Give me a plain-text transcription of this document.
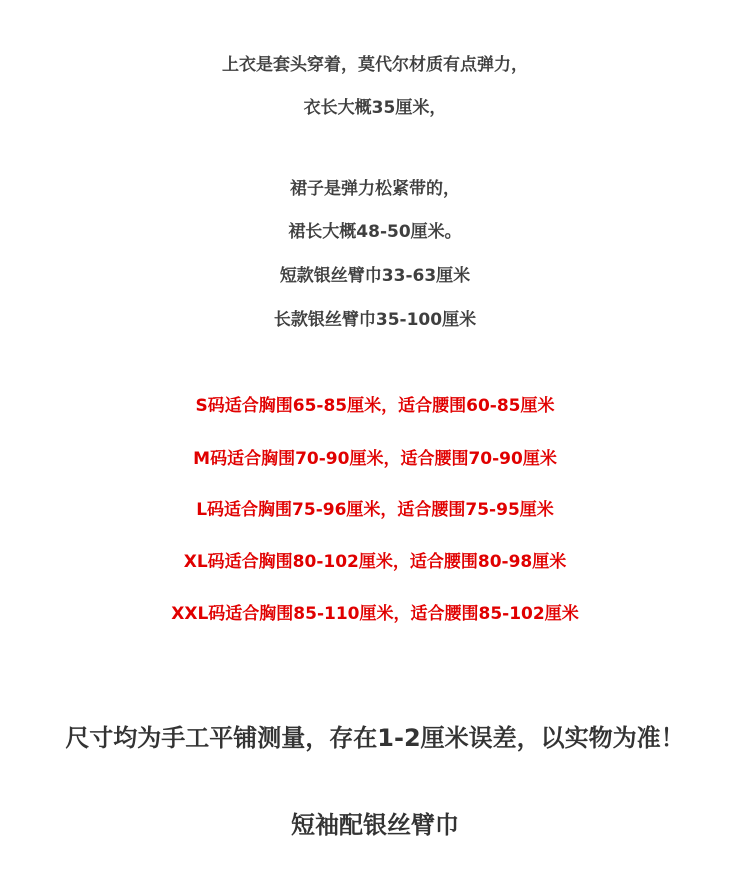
上衣是套头穿着，莫代尔材质有点弹力，
衣长大概35厘米，
裙子是弹力松紧带的，
裙长大概48-50厘米。
短款银丝臂巾33-63厘米
长款银丝臂巾35-100厘米
S码适合胸围65-85厘米，适合腰围60-85厘米
M码适合胸围70-90厘米，适合腰围70-90厘米
L码适合胸围75-96厘米，适合腰围75-95厘米
XL码适合胸围80-102厘米，适合腰围80-98厘米
XXL码适合胸围85-110厘米，适合腰围85-102厘米
尺寸均为手工平铺测量，存在1-2厘米误差，以实物为准！
短袖配银丝臂巾
